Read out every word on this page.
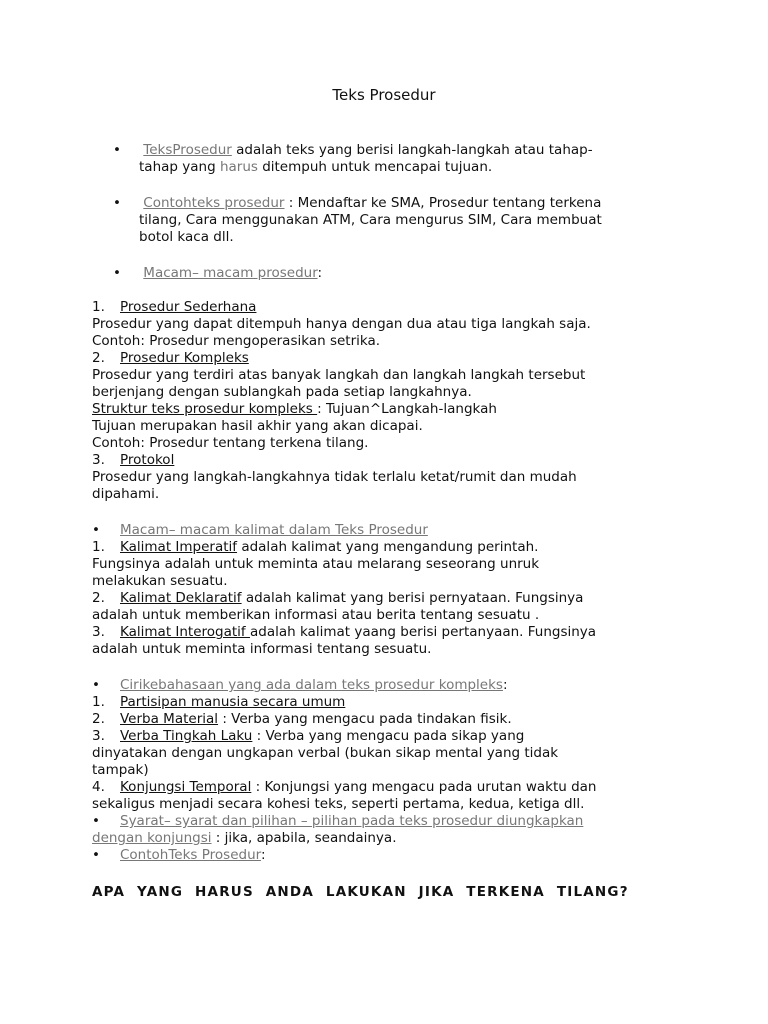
Teks Prosedur
•	TeksProsedur adalah teks yang berisi langkah-langkah atau tahap-
tahap yang harus ditempuh untuk mencapai tujuan.
•	Contohteks prosedur : Mendaftar ke SMA, Prosedur tentang terkena
tilang, Cara menggunakan ATM, Cara mengurus SIM, Cara membuat
botol kaca dll.
•	Macam– macam prosedur:
1. Prosedur Sederhana
Prosedur yang dapat ditempuh hanya dengan dua atau tiga langkah saja.
Contoh: Prosedur mengoperasikan setrika.
2. Prosedur Kompleks
Prosedur yang terdiri atas banyak langkah dan langkah langkah tersebut
berjenjang dengan sublangkah pada setiap langkahnya.
Struktur teks prosedur kompleks : Tujuan^Langkah-langkah
Tujuan merupakan hasil akhir yang akan dicapai.
Contoh: Prosedur tentang terkena tilang.
3. Protokol
Prosedur yang langkah-langkahnya tidak terlalu ketat/rumit dan mudah
dipahami.
• Macam– macam kalimat dalam Teks Prosedur
1. Kalimat Imperatif adalah kalimat yang mengandung perintah.
Fungsinya adalah untuk meminta atau melarang seseorang unruk
melakukan sesuatu.
2. Kalimat Deklaratif adalah kalimat yang berisi pernyataan. Fungsinya
adalah untuk memberikan informasi atau berita tentang sesuatu .
3. Kalimat Interogatif adalah kalimat yaang berisi pertanyaan. Fungsinya
adalah untuk meminta informasi tentang sesuatu.
• Cirikebahasaan yang ada dalam teks prosedur kompleks:
1. Partisipan manusia secara umum
2. Verba Material : Verba yang mengacu pada tindakan fisik.
3. Verba Tingkah Laku : Verba yang mengacu pada sikap yang
dinyatakan dengan ungkapan verbal (bukan sikap mental yang tidak
tampak)
4. Konjungsi Temporal : Konjungsi yang mengacu pada urutan waktu dan
sekaligus menjadi secara kohesi teks, seperti pertama, kedua, ketiga dll.
• Syarat– syarat dan pilihan – pilihan pada teks prosedur diungkapkan
dengan konjungsi : jika, apabila, seandainya.
• ContohTeks Prosedur:
APA YANG HARUS ANDA LAKUKAN JIKA TERKENA TILANG?
